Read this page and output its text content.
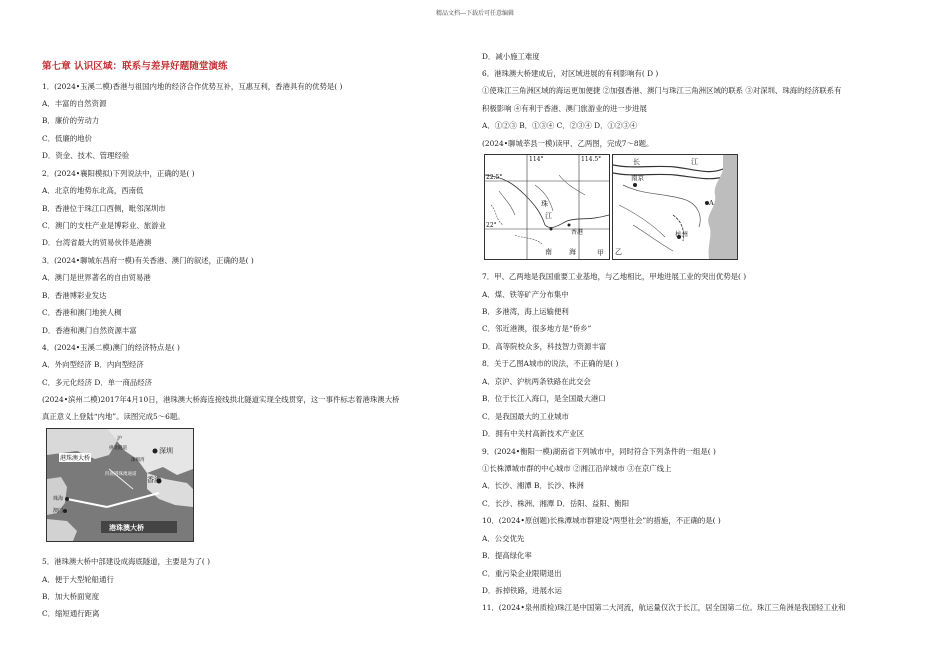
精品文档---下载后可任意编辑
第七章 认识区域：联系与差异好题随堂演练
1．(2024•玉溪二模)香港与祖国内地的经济合作优势互补，互惠互利，香港具有的优势是( )
A．丰富的自然资源
B．廉价的劳动力
C．低廉的地价
D．资金、技术、管理经验
2．(2024•襄阳模拟)下列说法中，正确的是( )
A．北京的地势东北高，西南低
B．香港位于珠江口西侧，毗邻深圳市
C．澳门的支柱产业是博彩业、旅游业
D．台湾省最大的贸易伙伴是港澳
3．(2024•聊城东昌府一模)有关香港、澳门的叙述，正确的是( )
A．澳门是世界著名的自由贸易港
B．香港博彩业发达
C．香港和澳门地狭人稠
D．香港和澳门自然资源丰富
4．(2024•玉溪二模)澳门的经济特点是( )
A．外向型经济 B．内向型经济
C．多元化经济 D．单一商品经济
(2024•滨州二模)2017年4月10日，港珠澳大桥海连接线拱北隧道实现全线贯穿，这一事件标志着港珠澳大桥
真正意义上登陆“内地”。读图完成5～6题。
深圳
港珠澳大桥
香港
珠海
澳门
拱北隧道
深圳湾
四座港珠澳通道
沪
港珠澳大桥
5．港珠澳大桥中部建设成海底隧道，主要是为了( )
A．便于大型轮船通行
B．加大桥面宽度
C．缩短通行距离
D．减小施工难度
6．港珠澳大桥建成后，对区域进展的有利影响有( D )
①使珠江三角洲区域的海运更加便捷 ②加强香港、澳门与珠江三角洲区域的联系 ③对深圳、珠海的经济联系有
积极影响 ④有利于香港、澳门旅游业的进一步进展
A．①②③ B．①③④ C．②③④ D．①②③④
(2024•聊城莘县一模)读甲、乙两图，完成7～8题。
114°	114.5°
22.5°
22°
珠
江
香港
南 海	甲
长	江
南京
A
杭州
乙
7．甲、乙两地是我国重要工业基地，与乙地相比，甲地进展工业的突出优势是( )
A．煤、铁等矿产分布集中
B．多港湾，海上运输便利
C．邻近港澳，很多地方是“侨乡”
D．高等院校众多，科技智力资源丰富
8．关于乙图A城市的说法，不正确的是( )
A．京沪、沪杭两条铁路在此交会
B．位于长江入海口，是全国最大港口
C．是我国最大的工业城市
D．拥有中关村高新技术产业区
9．(2024•衡阳一模)湖南省下列城市中，同时符合下列条件的一组是( )
①长株潭城市群的中心城市 ②湘江沿岸城市 ③在京广线上
A．长沙、湘潭 B．长沙、株洲
C．长沙、株洲、湘潭 D．岳阳、益阳、衡阳
10．(2024•原创题)长株潭城市群建设“两型社会”的措施，不正确的是( )
A．公交优先
B．提高绿化率
C．重污染企业限期退出
D．拆掉铁路，进展水运
11．(2024•泉州质检)珠江是中国第二大河流，航运量仅次于长江，居全国第二位。珠江三角洲是我国轻工业和
